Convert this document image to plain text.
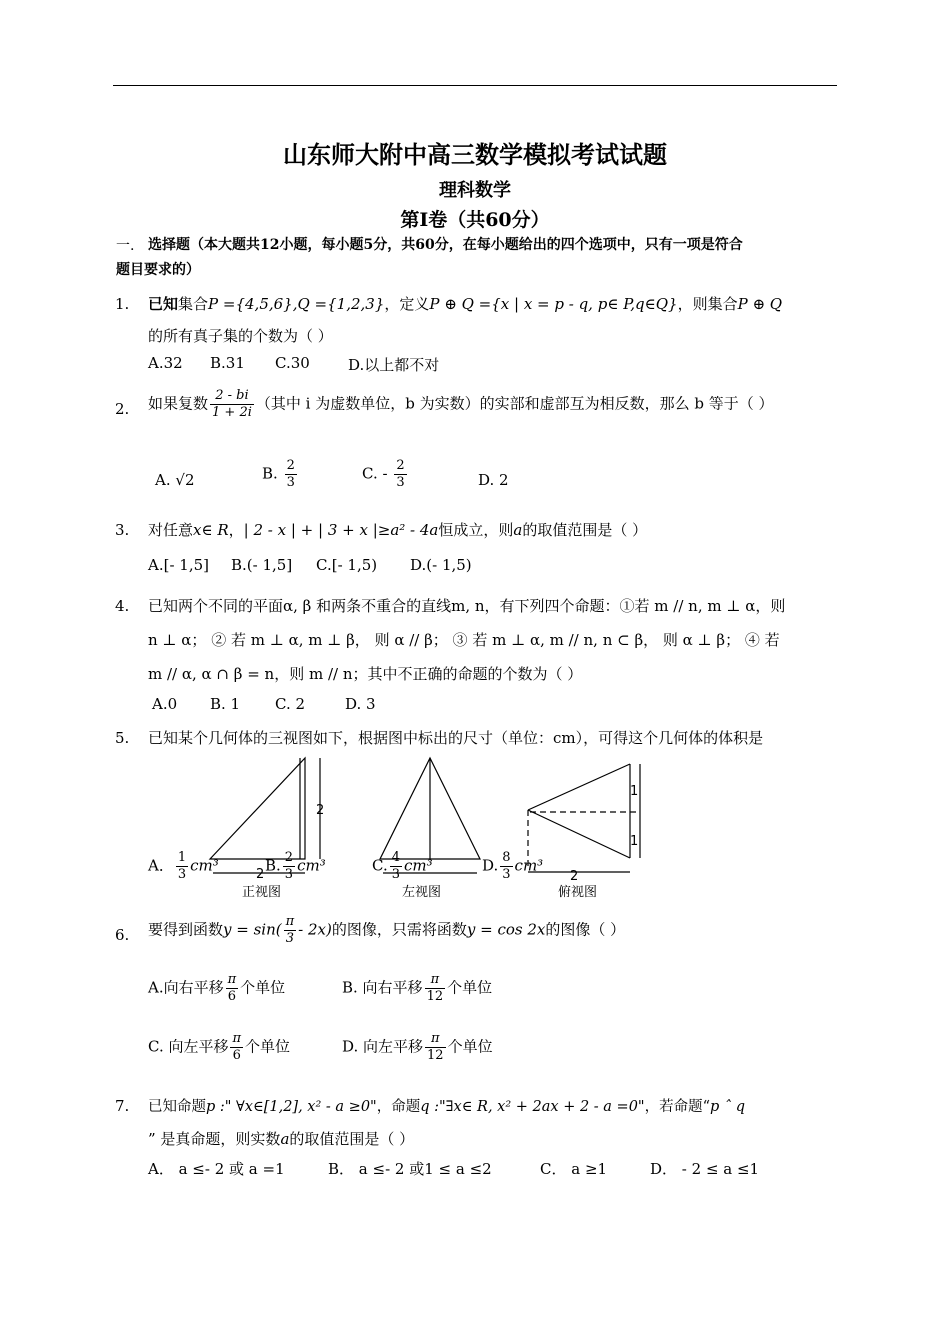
山东师大附中高三数学模拟考试试题
理科数学
第Ⅰ卷（共60分）
一. 选择题（本大题共12小题，每小题5分，共60分，在每小题给出的四个选项中，只有一项是符合
题目要求的）
1. 已知集合P ={4,5,6},Q ={1,2,3}，定义P ⊕ Q ={x | x = p - q, p∈ P,q∈Q}，则集合P ⊕ Q
的所有真子集的个数为（ ）
A.32 B.31 C.30	D.以上都不对
2. 如果复数 $\frac{2 - bi}{1 + 2i}$ （其中 i 为虚数单位，b 为实数）的实部和虚部互为相反数，那么 b 等于（ ）
A. √2	B. $\frac{2}{3}$	C. - $\frac{2}{3}$	D. 2
3. 对任意x∈ R，| 2 - x | + | 3 + x |≥a² - 4a恒成立，则a的取值范围是（ ）
A.[- 1,5] B.(- 1,5] C.[- 1,5) D.(- 1,5)
4. 已知两个不同的平面α, β 和两条不重合的直线m, n，有下列四个命题：①若 m // n, m ⊥ α，则
n ⊥ α； ② 若 m ⊥ α, m ⊥ β， 则 α // β； ③ 若 m ⊥ α, m // n, n ⊂ β， 则 α ⊥ β； ④ 若
m // α, α ∩ β = n，则 m // n；其中不正确的命题的个数为（ ）
A.0 B. 1 C. 2	D. 3
5. 已知某个几何体的三视图如下，根据图中标出的尺寸（单位：cm），可得这个几何体的体积是
2
2
正视图	左视图
1
1
2
俯视图
A． $\frac{1}{3} cm^3$	B. $\frac{2}{3} cm^3$	C. $\frac{4}{3} cm^3$	D. $\frac{8}{3} cm^3$
6. 要得到函数$y = \sin( \frac{\pi}{3} - 2x)$的图像，只需将函数y = cos 2x的图像（ ）
A.向右平移 $\frac{\pi}{6}$ 个单位	B. 向右平移 $\frac{\pi}{12}$ 个单位
C. 向左平移 $\frac{\pi}{6}$ 个单位	D. 向左平移 $\frac{\pi}{12}$ 个单位
7. 已知命题p :" ∀x∈[1,2], x² - a ≥0"，命题q :"∃x∈ R, x² + 2ax + 2 - a =0"，若命题“p ˆ q
” 是真命题，则实数a的取值范围是（ ）
A． a ≤- 2 或 a =1	B． a ≤- 2 或1 ≤ a ≤2	C． a ≥1	D． - 2 ≤ a ≤1
